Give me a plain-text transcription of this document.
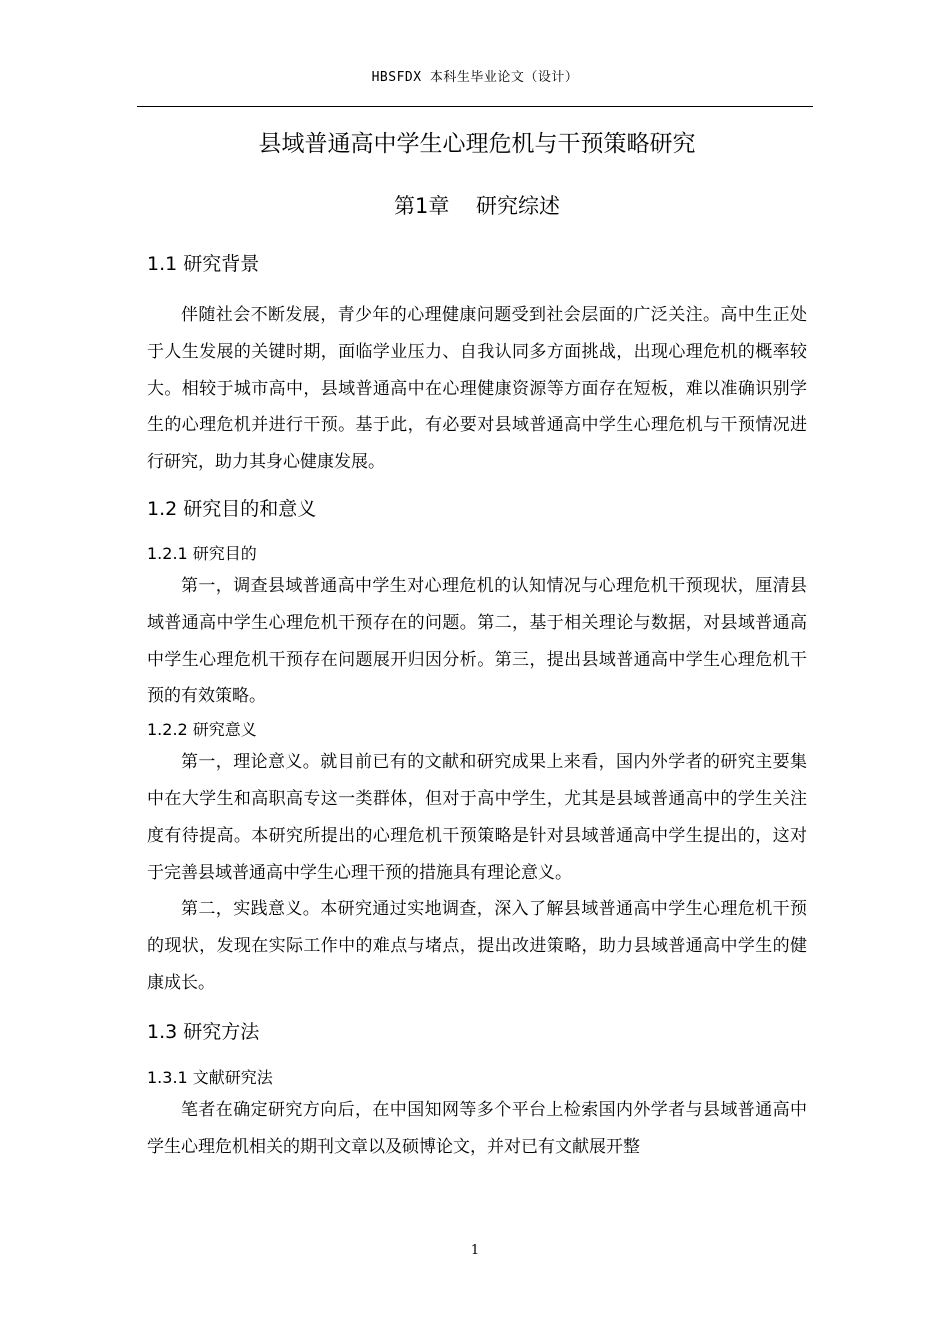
HBSFDX 本科生毕业论文（设计）
县域普通高中学生心理危机与干预策略研究
第1章    研究综述
1.1 研究背景

伴随社会不断发展，青少年的心理健康问题受到社会层面的广泛关注。高中生正处于人生发展的关键时期，面临学业压力、自我认同多方面挑战，出现心理危机的概率较大。相较于城市高中，县域普通高中在心理健康资源等方面存在短板，难以准确识别学生的心理危机并进行干预。基于此，有必要对县域普通高中学生心理危机与干预情况进行研究，助力其身心健康发展。

1.2 研究目的和意义
1.2.1 研究目的

第一，调查县域普通高中学生对心理危机的认知情况与心理危机干预现状，厘清县域普通高中学生心理危机干预存在的问题。第二，基于相关理论与数据，对县域普通高中学生心理危机干预存在问题展开归因分析。第三，提出县域普通高中学生心理危机干预的有效策略。

1.2.2 研究意义

第一，理论意义。就目前已有的文献和研究成果上来看，国内外学者的研究主要集中在大学生和高职高专这一类群体，但对于高中学生，尤其是县域普通高中的学生关注度有待提高。本研究所提出的心理危机干预策略是针对县域普通高中学生提出的，这对于完善县域普通高中学生心理干预的措施具有理论意义。

第二，实践意义。本研究通过实地调查，深入了解县域普通高中学生心理危机干预的现状，发现在实际工作中的难点与堵点，提出改进策略，助力县域普通高中学生的健康成长。

1.3 研究方法
1.3.1 文献研究法

笔者在确定研究方向后，在中国知网等多个平台上检索国内外学者与县域普通高中学生心理危机相关的期刊文章以及硕博论文，并对已有文献展开整

1
